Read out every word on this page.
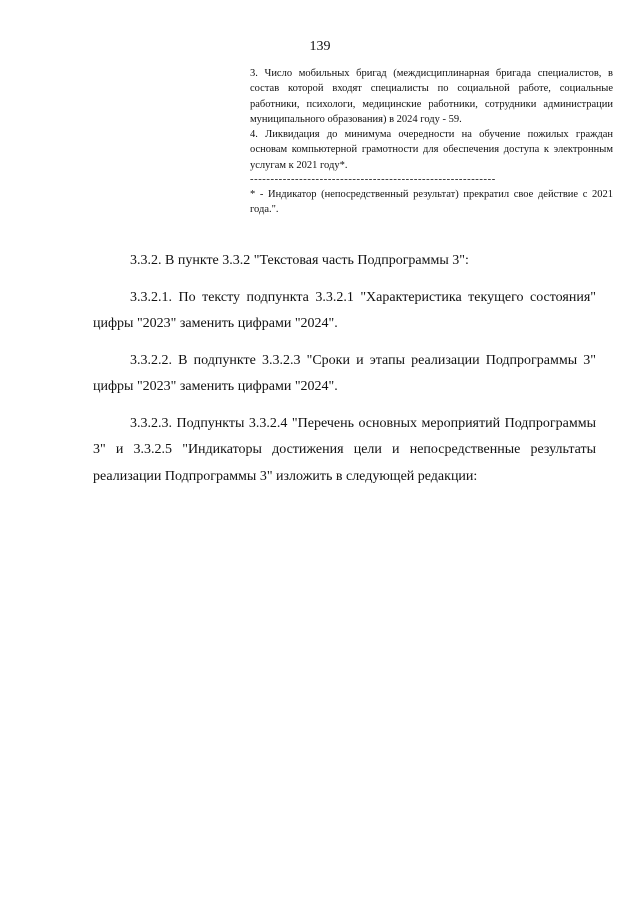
139

3. Число мобильных бригад (междисциплинарная бригада специалистов, в состав которой входят специалисты по социальной работе, социальные работники, психологи, медицинские работники, сотрудники администрации муниципального образования) в 2024 году - 59.

4. Ликвидация до минимума очередности на обучение пожилых граждан основам компьютерной грамотности для обеспечения доступа к электронным услугам к 2021 году*.

------------------------------------------------------------

* - Индикатор (непосредственный результат) прекратил свое действие с 2021 года.".

3.3.2. В пункте 3.3.2 "Текстовая часть Подпрограммы 3":

3.3.2.1. По тексту подпункта 3.3.2.1 "Характеристика текущего состояния" цифры "2023" заменить цифрами "2024".

3.3.2.2. В подпункте 3.3.2.3 "Сроки и этапы реализации Подпрограммы 3" цифры "2023" заменить цифрами "2024".

3.3.2.3. Подпункты 3.3.2.4 "Перечень основных мероприятий Подпрограммы 3" и 3.3.2.5 "Индикаторы достижения цели и непосредственные результаты реализации Подпрограммы 3" изложить в следующей редакции:
